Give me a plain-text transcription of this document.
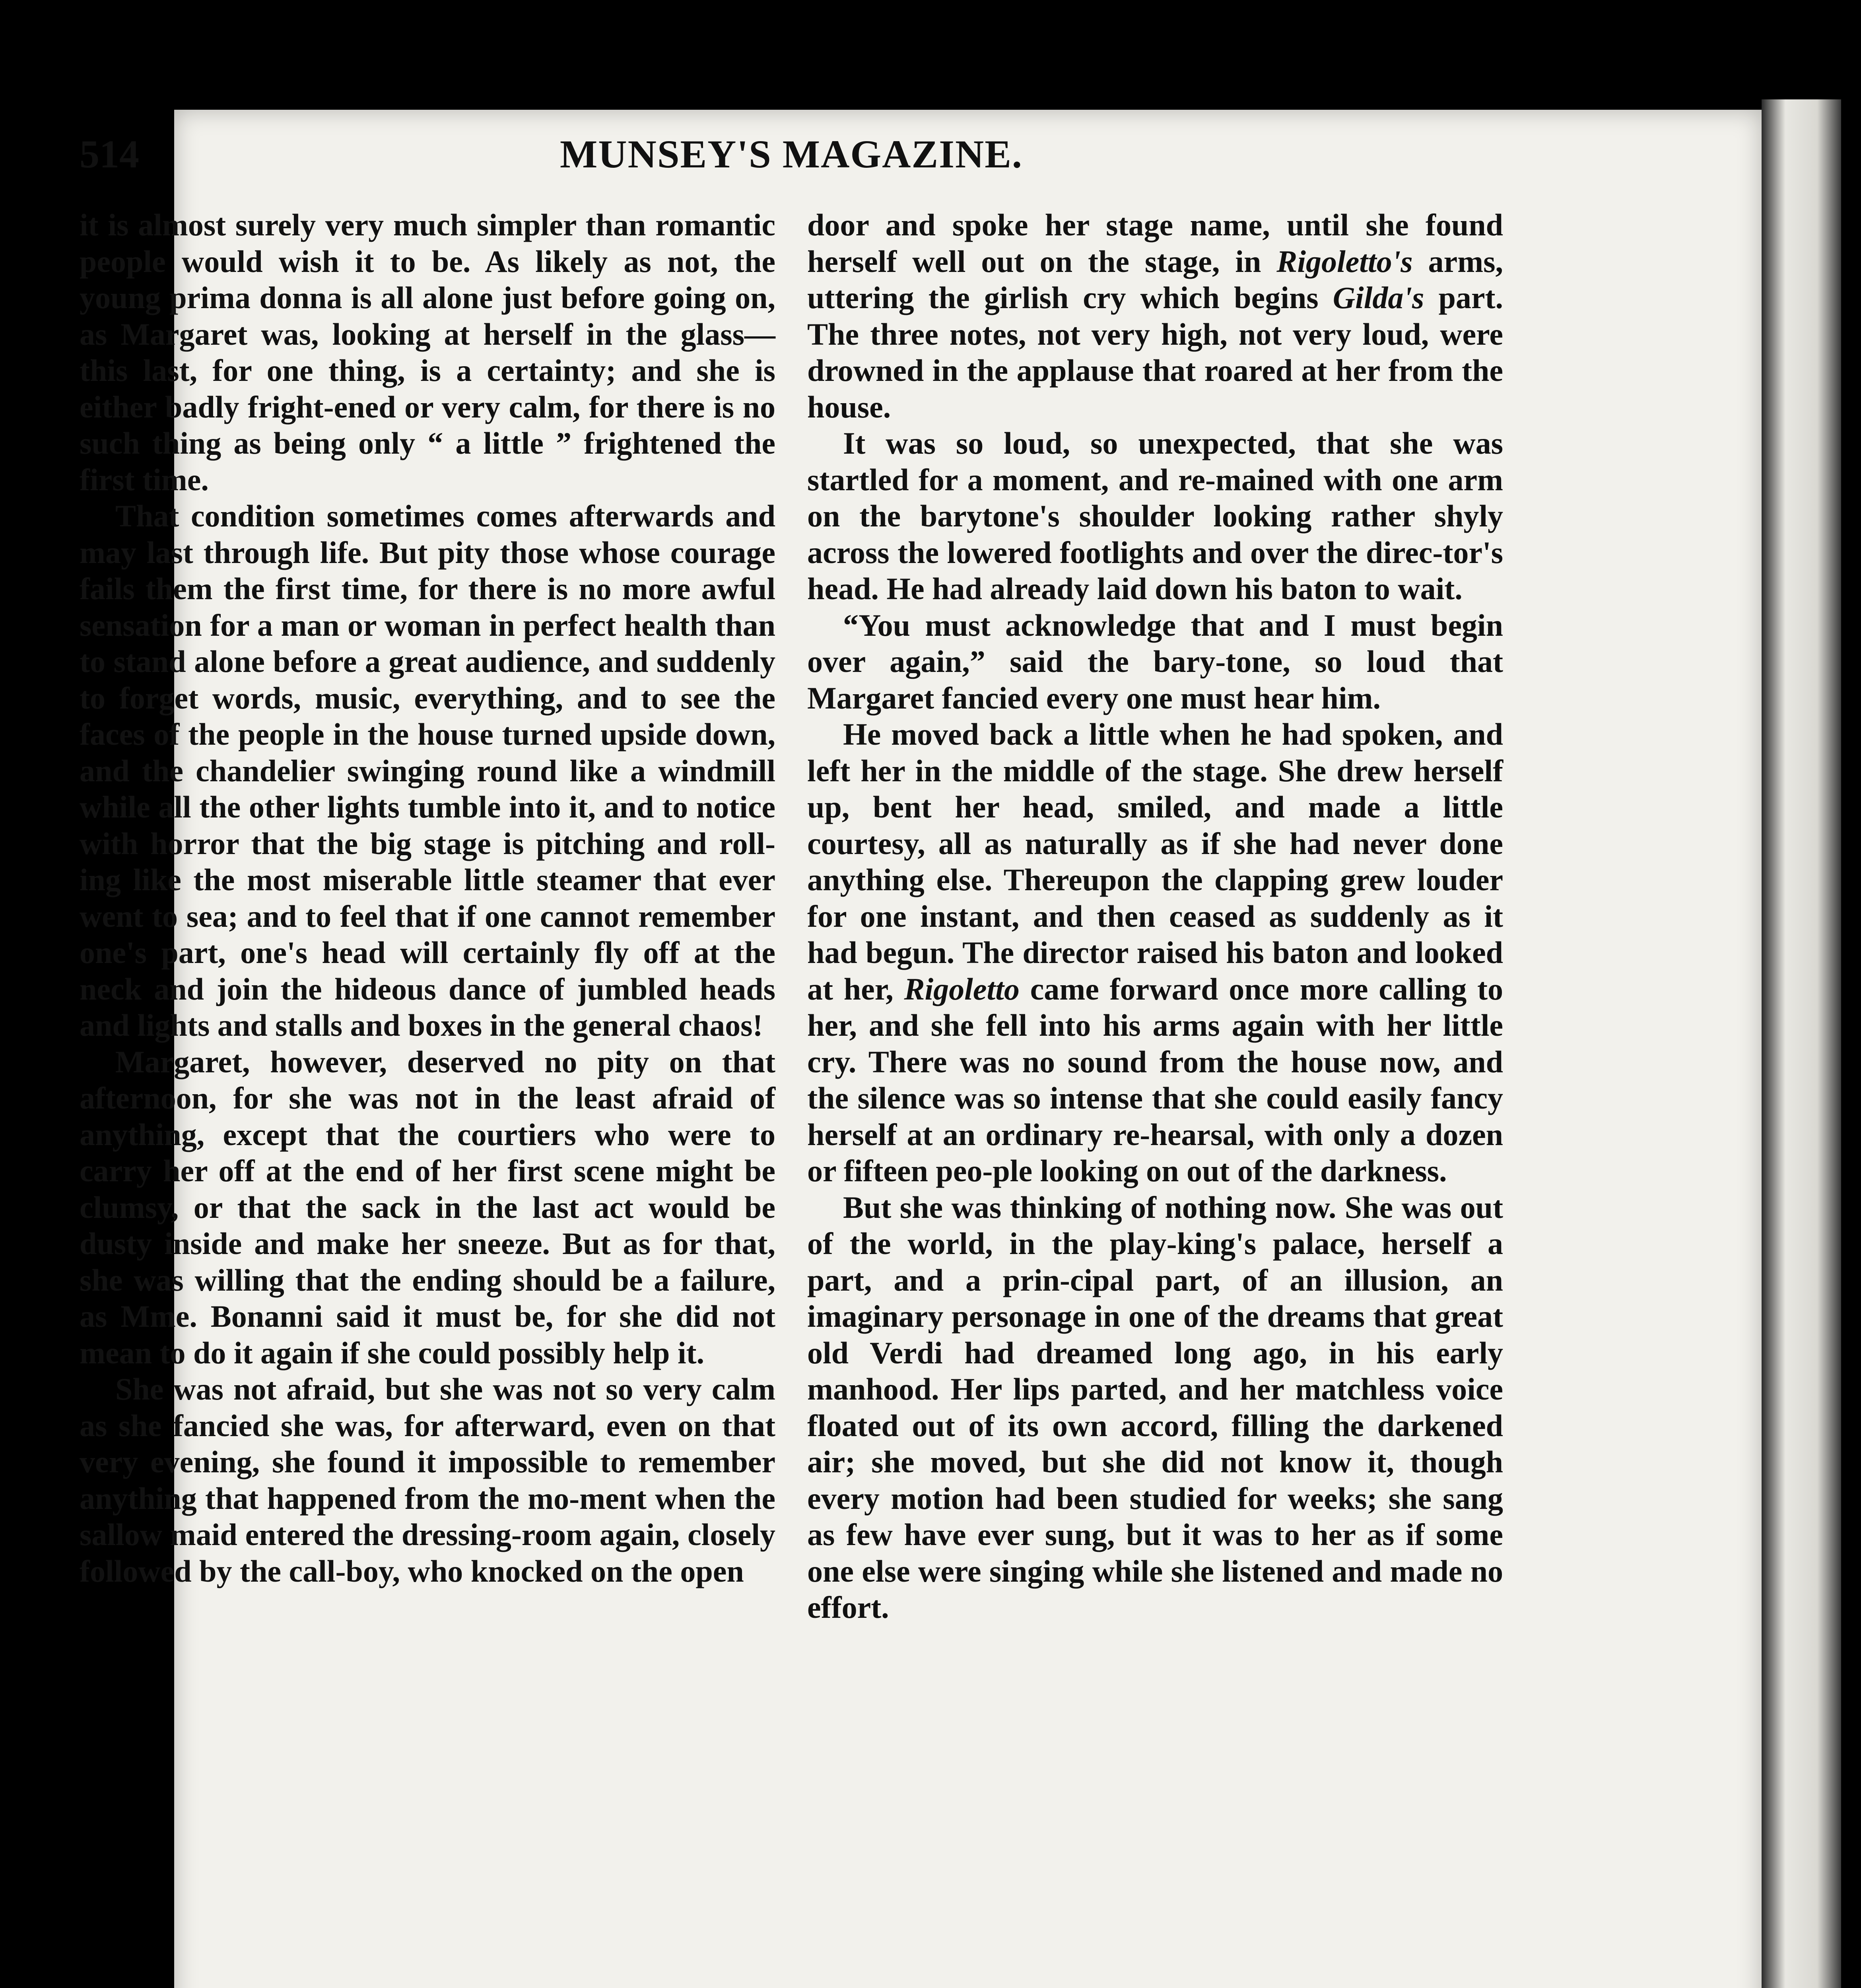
514	MUNSEY'S MAGAZINE.

it is almost surely very much simpler than romantic people would wish it to be. As likely as not, the young prima donna is all alone just before going on, as Margaret was, looking at herself in the glass—this last, for one thing, is a certainty; and she is either badly fright-ened or very calm, for there is no such thing as being only “ a little ” frightened the first time.

That condition sometimes comes afterwards and may last through life. But pity those whose courage fails them the first time, for there is no more awful sensation for a man or woman in perfect health than to stand alone before a great audience, and suddenly to forget words, music, everything, and to see the faces of the people in the house turned upside down, and the chandelier swinging round like a windmill while all the other lights tumble into it, and to notice with horror that the big stage is pitching and roll-ing like the most miserable little steamer that ever went to sea; and to feel that if one cannot remember one's part, one's head will certainly fly off at the neck and join the hideous dance of jumbled heads and lights and stalls and boxes in the general chaos!

Margaret, however, deserved no pity on that afternoon, for she was not in the least afraid of anything, except that the courtiers who were to carry her off at the end of her first scene might be clumsy, or that the sack in the last act would be dusty inside and make her sneeze. But as for that, she was willing that the ending should be a failure, as Mme. Bonanni said it must be, for she did not mean to do it again if she could possibly help it.

She was not afraid, but she was not so very calm as she fancied she was, for afterward, even on that very evening, she found it impossible to remember anything that happened from the mo-ment when the sallow maid entered the dressing-room again, closely followed by the call-boy, who knocked on the open

door and spoke her stage name, until she found herself well out on the stage, in Rigoletto's arms, uttering the girlish cry which begins Gilda's part. The three notes, not very high, not very loud, were drowned in the applause that roared at her from the house.

It was so loud, so unexpected, that she was startled for a moment, and re-mained with one arm on the barytone's shoulder looking rather shyly across the lowered footlights and over the direc-tor's head. He had already laid down his baton to wait.

“You must acknowledge that and I must begin over again,” said the bary-tone, so loud that Margaret fancied every one must hear him.

He moved back a little when he had spoken, and left her in the middle of the stage. She drew herself up, bent her head, smiled, and made a little courtesy, all as naturally as if she had never done anything else. Thereupon the clapping grew louder for one instant, and then ceased as suddenly as it had begun. The director raised his baton and looked at her, Rigoletto came forward once more calling to her, and she fell into his arms again with her little cry. There was no sound from the house now, and the silence was so intense that she could easily fancy herself at an ordinary re-hearsal, with only a dozen or fifteen peo-ple looking on out of the darkness.

But she was thinking of nothing now. She was out of the world, in the play-king's palace, herself a part, and a prin-cipal part, of an illusion, an imaginary personage in one of the dreams that great old Verdi had dreamed long ago, in his early manhood. Her lips parted, and her matchless voice floated out of its own accord, filling the darkened air; she moved, but she did not know it, though every motion had been studied for weeks; she sang as few have ever sung, but it was to her as if some one else were singing while she listened and made no effort.
